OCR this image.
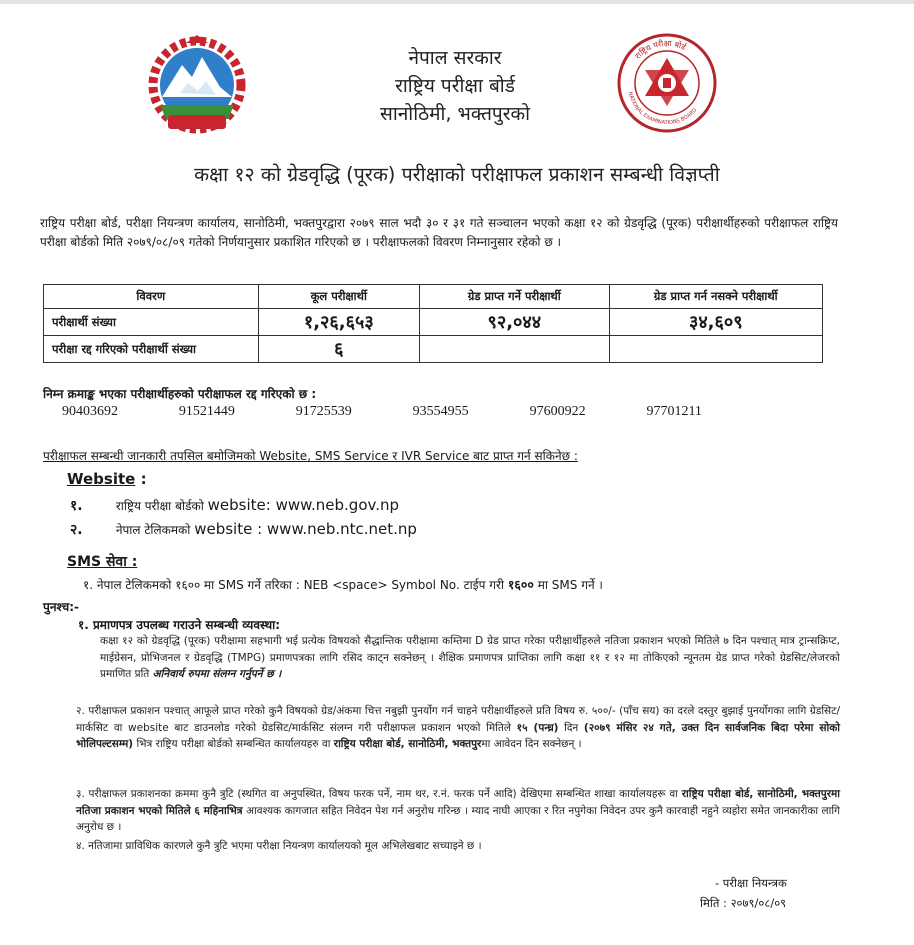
नेपाल सरकार
राष्ट्रिय परीक्षा बोर्ड
सानोठिमी, भक्तपुरको
राष्ट्रिय परीक्षा बोर्ड
NATIONAL EXAMINATIONS BOARD
कक्षा १२ को ग्रेडवृद्धि (पूरक) परीक्षाको परीक्षाफल प्रकाशन सम्बन्धी विज्ञप्ती
राष्ट्रिय परीक्षा बोर्ड, परीक्षा नियन्त्रण कार्यालय, सानोठिमी, भक्तपुरद्वारा २०७९ साल भदौ ३० र ३१ गते सञ्चालन भएको कक्षा १२ को ग्रेडवृद्धि (पूरक) परीक्षार्थीहरुको परीक्षाफल राष्ट्रिय परीक्षा बोर्डको मिति २०७९/०८/०९ गतेको निर्णयानुसार प्रकाशित गरिएको छ । परीक्षाफलको विवरण निम्नानुसार रहेको छ ।
विवरण	कूल परीक्षार्थी	ग्रेड प्राप्त गर्ने परीक्षार्थी	ग्रेड प्राप्त गर्न नसक्ने परीक्षार्थी
परीक्षार्थी संख्या	१,२६,६५३	९२,०४४	३४,६०९
परीक्षा रद्द गरिएको परीक्षार्थी संख्या	६		
निम्न क्रमाङ्क भएका परीक्षार्थीहरुको परीक्षाफल रद्द गरिएको छ :
90403692	91521449	91725539	93554955	97600922	97701211
परीक्षाफल सम्बन्धी जानकारी तपसिल बमोजिमको Website, SMS Service र IVR Service बाट प्राप्त गर्न सकिनेछ :
Website :
१.	राष्ट्रिय परीक्षा बोर्डको website: www.neb.gov.np
२.	नेपाल टेलिकमको website : www.neb.ntc.net.np
SMS सेवा :
१. नेपाल टेलिकमको १६०० मा SMS गर्ने तरिका : NEB <space> Symbol No. टाईप गरी १६०० मा SMS गर्ने ।
पुनश्च:-
१. प्रमाणपत्र उपलब्ध गराउने सम्बन्धी व्यवस्था:
कक्षा १२ को ग्रेडवृद्धि (पूरक) परीक्षामा सहभागी भई प्रत्येक विषयको सैद्धान्तिक परीक्षामा कम्तिमा D ग्रेड प्राप्त गरेका परीक्षार्थीहरुले नतिजा प्रकाशन भएको मितिले ७ दिन पश्चात् मात्र ट्रान्सक्रिप्ट, माईग्रेसन, प्रोभिजनल र ग्रेडवृद्धि (TMPG) प्रमाणपत्रका लागि रसिद काट्न सक्नेछन् । शैक्षिक प्रमाणपत्र प्राप्तिका लागि कक्षा ११ र १२ मा तोकिएको न्यूनतम ग्रेड प्राप्त गरेको ग्रेडसिट/लेजरको प्रमाणित प्रति अनिवार्य रुपमा संलग्न गर्नुपर्ने छ ।
२. परीक्षाफल प्रकाशन पश्चात् आफूले प्राप्त गरेको कुनै विषयको ग्रेड/अंकमा चित्त नबुझी पुनर्योग गर्न चाहने परीक्षार्थीहरुले प्रति विषय रु. ५००/- (पाँच सय) का दरले दस्तुर बुझाई पुनर्योगका लागि ग्रेडसिट/मार्कसिट वा website बाट डाउनलोड गरेको ग्रेडसिट/मार्कसिट संलग्न गरी परीक्षाफल प्रकाशन भएको मितिले १५ (पन्ध्र) दिन (२०७९ मंसिर २४ गते, उक्त दिन सार्वजनिक बिदा परेमा सोको भोलिपल्टसम्म) भित्र राष्ट्रिय परीक्षा बोर्डको सम्बन्धित कार्यालयहरु वा राष्ट्रिय परीक्षा बोर्ड, सानोठिमी, भक्तपुरमा आवेदन दिन सक्नेछन् ।
३. परीक्षाफल प्रकाशनका क्रममा कुनै त्रुटि (स्थगित वा अनुपस्थित, विषय फरक पर्ने, नाम थर, र.नं. फरक पर्ने आदि) देखिएमा सम्बन्धित शाखा कार्यालयहरू वा राष्ट्रिय परीक्षा बोर्ड, सानोठिमी, भक्तपुरमा नतिजा प्रकाशन भएको मितिले ६ महिनाभित्र आवश्यक कागजात सहित निवेदन पेश गर्न अनुरोध गरिन्छ । म्याद नाघी आएका र रित नपुगेका निवेदन उपर कुनै कारवाही नहुने व्यहोरा समेत जानकारीका लागि अनुरोध छ ।
४. नतिजामा प्राविधिक कारणले कुनै त्रुटि भएमा परीक्षा नियन्त्रण कार्यालयको मूल अभिलेखबाट सच्याइने छ ।
- परीक्षा नियन्त्रक
मिति : २०७९/०८/०९
